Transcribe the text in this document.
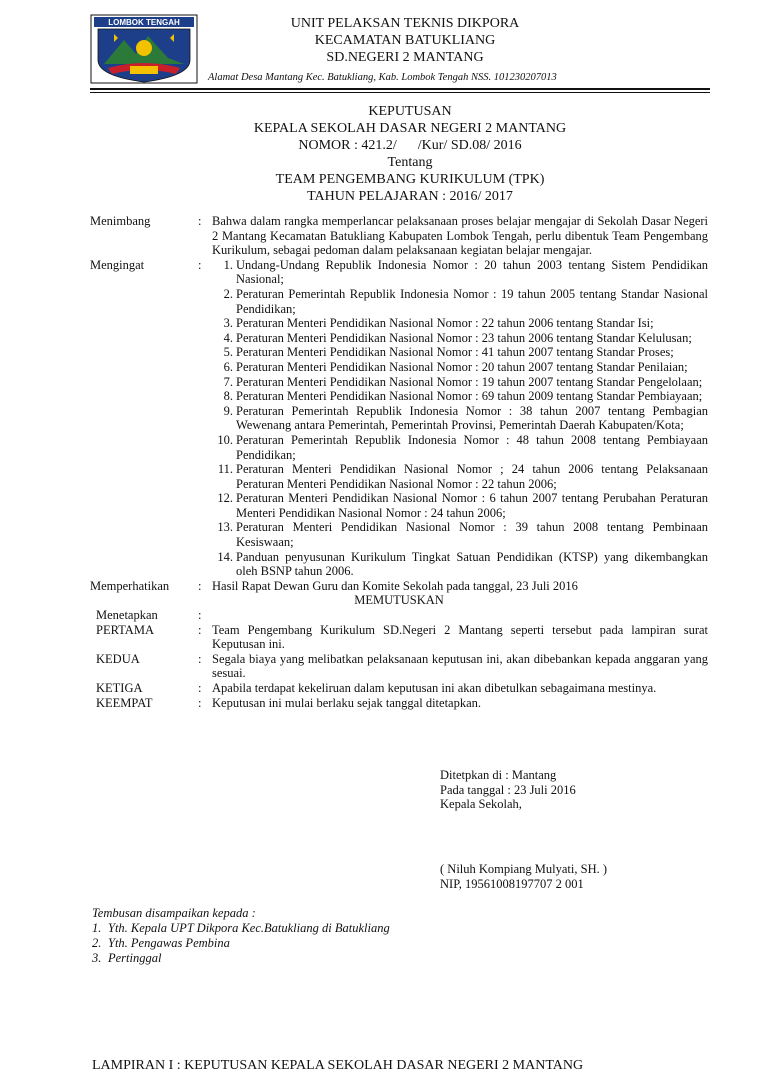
LOMBOK TENGAH	UNIT PELAKSAN TEKNIS DIKPORA
KECAMATAN BATUKLIANG
SD.NEGERI 2 MANTANG
Alamat Desa Mantang Kec. Batukliang, Kab. Lombok Tengah NSS. 101230207013
KEPUTUSAN
KEPALA SEKOLAH DASAR NEGERI 2 MANTANG
NOMOR : 421.2/      /Kur/ SD.08/ 2016
Tentang
TEAM PENGEMBANG KURIKULUM (TPK)
TAHUN PELAJARAN : 2016/ 2017
Menimbang	: Bahwa dalam rangka memperlancar pelaksanaan proses belajar mengajar di Sekolah Dasar Negeri 2 Mantang Kecamatan Batukliang Kabupaten Lombok Tengah, perlu dibentuk Team Pengembang Kurikulum, sebagai pedoman dalam pelaksanaan kegiatan belajar mengajar.
Mengingat	:	1. Undang-Undang Republik Indonesia Nomor : 20 tahun 2003 tentang Sistem Pendidikan Nasional;
2. Peraturan Pemerintah Republik Indonesia Nomor : 19 tahun 2005 tentang Standar Nasional Pendidikan;
3. Peraturan Menteri Pendidikan Nasional Nomor : 22 tahun 2006 tentang Standar Isi;
4. Peraturan Menteri Pendidikan Nasional Nomor : 23 tahun 2006 tentang Standar Kelulusan;
5. Peraturan Menteri Pendidikan Nasional Nomor : 41 tahun 2007 tentang Standar Proses;
6. Peraturan Menteri Pendidikan Nasional Nomor : 20 tahun 2007 tentang Standar Penilaian;
7. Peraturan Menteri Pendidikan Nasional Nomor : 19 tahun 2007 tentang Standar Pengelolaan;
8. Peraturan Menteri Pendidikan Nasional Nomor : 69 tahun 2009 tentang Standar Pembiayaan;
9. Peraturan Pemerintah Republik Indonesia Nomor : 38 tahun 2007 tentang Pembagian Wewenang antara Pemerintah, Pemerintah Provinsi, Pemerintah Daerah Kabupaten/Kota;
10. Peraturan Pemerintah Republik Indonesia Nomor : 48 tahun 2008 tentang Pembiayaan Pendidikan;
11. Peraturan Menteri Pendidikan Nasional Nomor ; 24 tahun 2006 tentang Pelaksanaan Peraturan Menteri Pendidikan Nasional Nomor : 22 tahun 2006;
12. Peraturan Menteri Pendidikan Nasional Nomor : 6 tahun 2007 tentang Perubahan Peraturan Menteri Pendidikan Nasional Nomor : 24 tahun 2006;
13. Peraturan Menteri Pendidikan Nasional Nomor : 39 tahun 2008 tentang Pembinaan Kesiswaan;
14. Panduan penyusunan Kurikulum Tingkat Satuan Pendidikan (KTSP) yang dikembangkan oleh BSNP tahun 2006.
Memperhatikan	: Hasil Rapat Dewan Guru dan Komite Sekolah pada tanggal, 23 Juli 2016

MEMUTUSKAN

Menetapkan	:
PERTAMA	: Team Pengembang Kurikulum SD.Negeri 2 Mantang seperti tersebut pada lampiran surat Keputusan ini.
KEDUA	: Segala biaya yang melibatkan pelaksanaan keputusan ini, akan dibebankan kepada anggaran yang sesuai.
KETIGA	: Apabila terdapat kekeliruan dalam keputusan ini akan dibetulkan sebagaimana mestinya.
KEEMPAT	: Keputusan ini mulai berlaku sejak tanggal ditetapkan.
Ditetpkan di : Mantang
Pada tanggal : 23 Juli 2016
Kepala Sekolah,
( Niluh Kompiang Mulyati, SH. )
NIP, 19561008197707 2 001
Tembusan disampaikan kepada :
1. Yth. Kepala UPT Dikpora Kec.Batukliang di Batukliang
2. Yth. Pengawas Pembina
3. Pertinggal
LAMPIRAN I : KEPUTUSAN KEPALA SEKOLAH DASAR NEGERI 2 MANTANG
